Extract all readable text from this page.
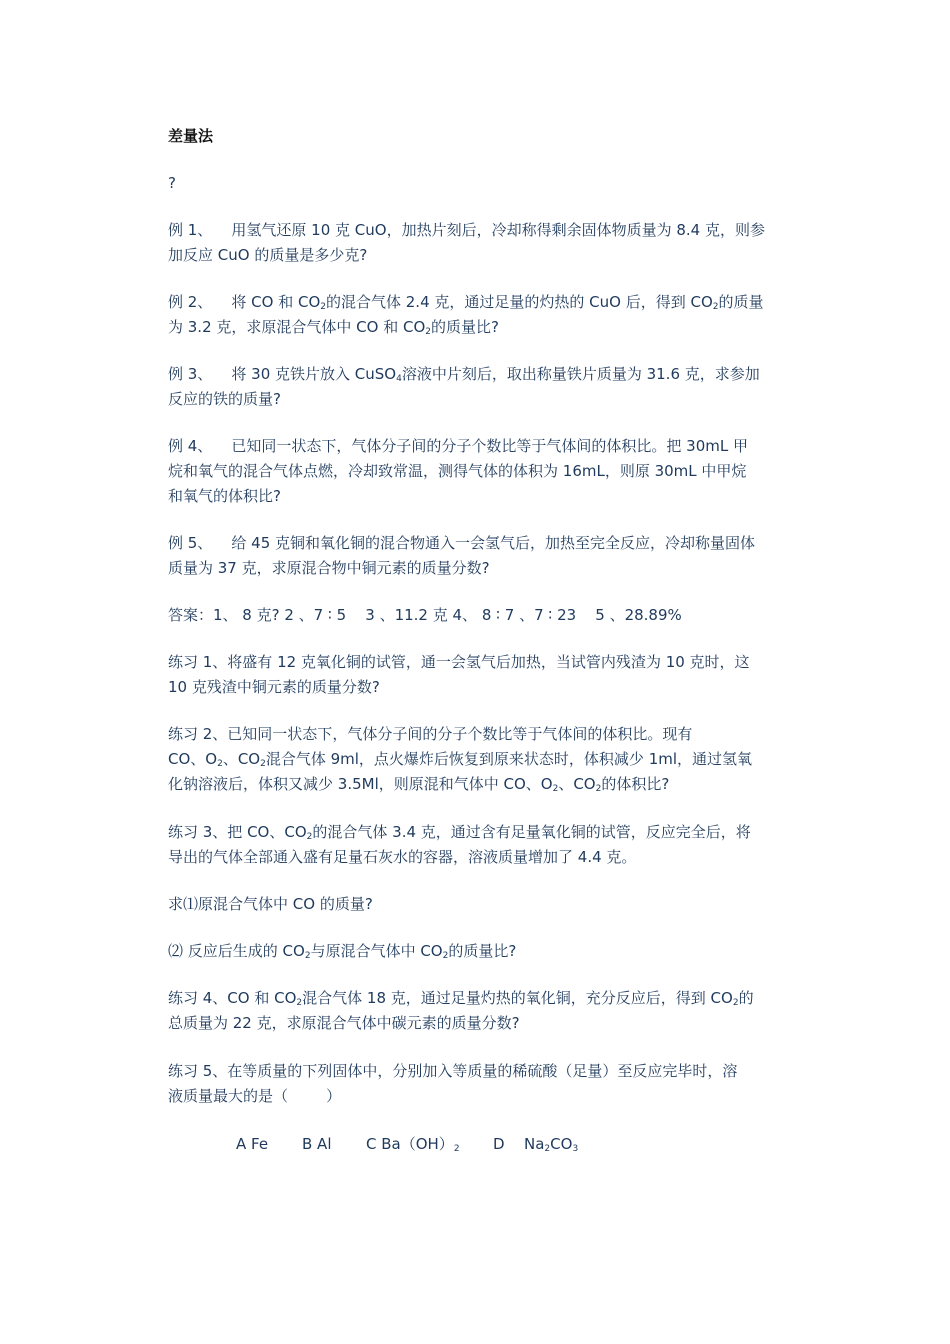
差量法
?
例 1、    用氢气还原 10 克 CuO，加热片刻后，冷却称得剩余固体物质量为 8.4 克，则参
加反应 CuO 的质量是多少克?
例 2、    将 CO 和 $CO_2$的混合气体 2.4 克，通过足量的灼热的 CuO 后，得到 $CO_2$的质量
为 3.2 克，求原混合气体中 CO 和 $CO_2$的质量比?
例 3、    将 30 克铁片放入 CuSO$_4$溶液中片刻后，取出称量铁片质量为 31.6 克，求参加
反应的铁的质量?
例 4、    已知同一状态下，气体分子间的分子个数比等于气体间的体积比。把 30mL 甲
烷和氧气的混合气体点燃，冷却致常温，测得气体的体积为 16mL，则原 30mL 中甲烷
和氧气的体积比?
例 5、    给 45 克铜和氧化铜的混合物通入一会氢气后，加热至完全反应，冷却称量固体
质量为 37 克，求原混合物中铜元素的质量分数?
答案：1、 8 克? 2 、7 ∶ 5    3 、11.2 克 4、 8 ∶ 7 、7 ∶ 23    5 、28.89%
练习 1、将盛有 12 克氧化铜的试管，通一会氢气后加热，当试管内残渣为 10 克时，这
10 克残渣中铜元素的质量分数?
练习 2、已知同一状态下，气体分子间的分子个数比等于气体间的体积比。现有
CO、$O_2$、$CO_2$混合气体 9ml，点火爆炸后恢复到原来状态时，体积减少 1ml，通过氢氧
化钠溶液后，体积又减少 3.5Ml，则原混和气体中 CO、$O_2$、$CO_2$的体积比?
练习 3、把 CO、$CO_2$的混合气体 3.4 克，通过含有足量氧化铜的试管，反应完全后，将
导出的气体全部通入盛有足量石灰水的容器，溶液质量增加了 4.4 克。
求⑴原混合气体中 CO 的质量?
⑵ 反应后生成的 $CO_2$与原混合气体中 $CO_2$的质量比?
练习 4、CO 和 $CO_2$混合气体 18 克，通过足量灼热的氧化铜，充分反应后，得到 $CO_2$的
总质量为 22 克，求原混合气体中碳元素的质量分数?
练习 5、在等质量的下列固体中，分别加入等质量的稀硫酸（足量）至反应完毕时，溶
液质量最大的是（        ）
A Fe B Al C $Ba(OH)_2$ D $Na_2CO_3$
